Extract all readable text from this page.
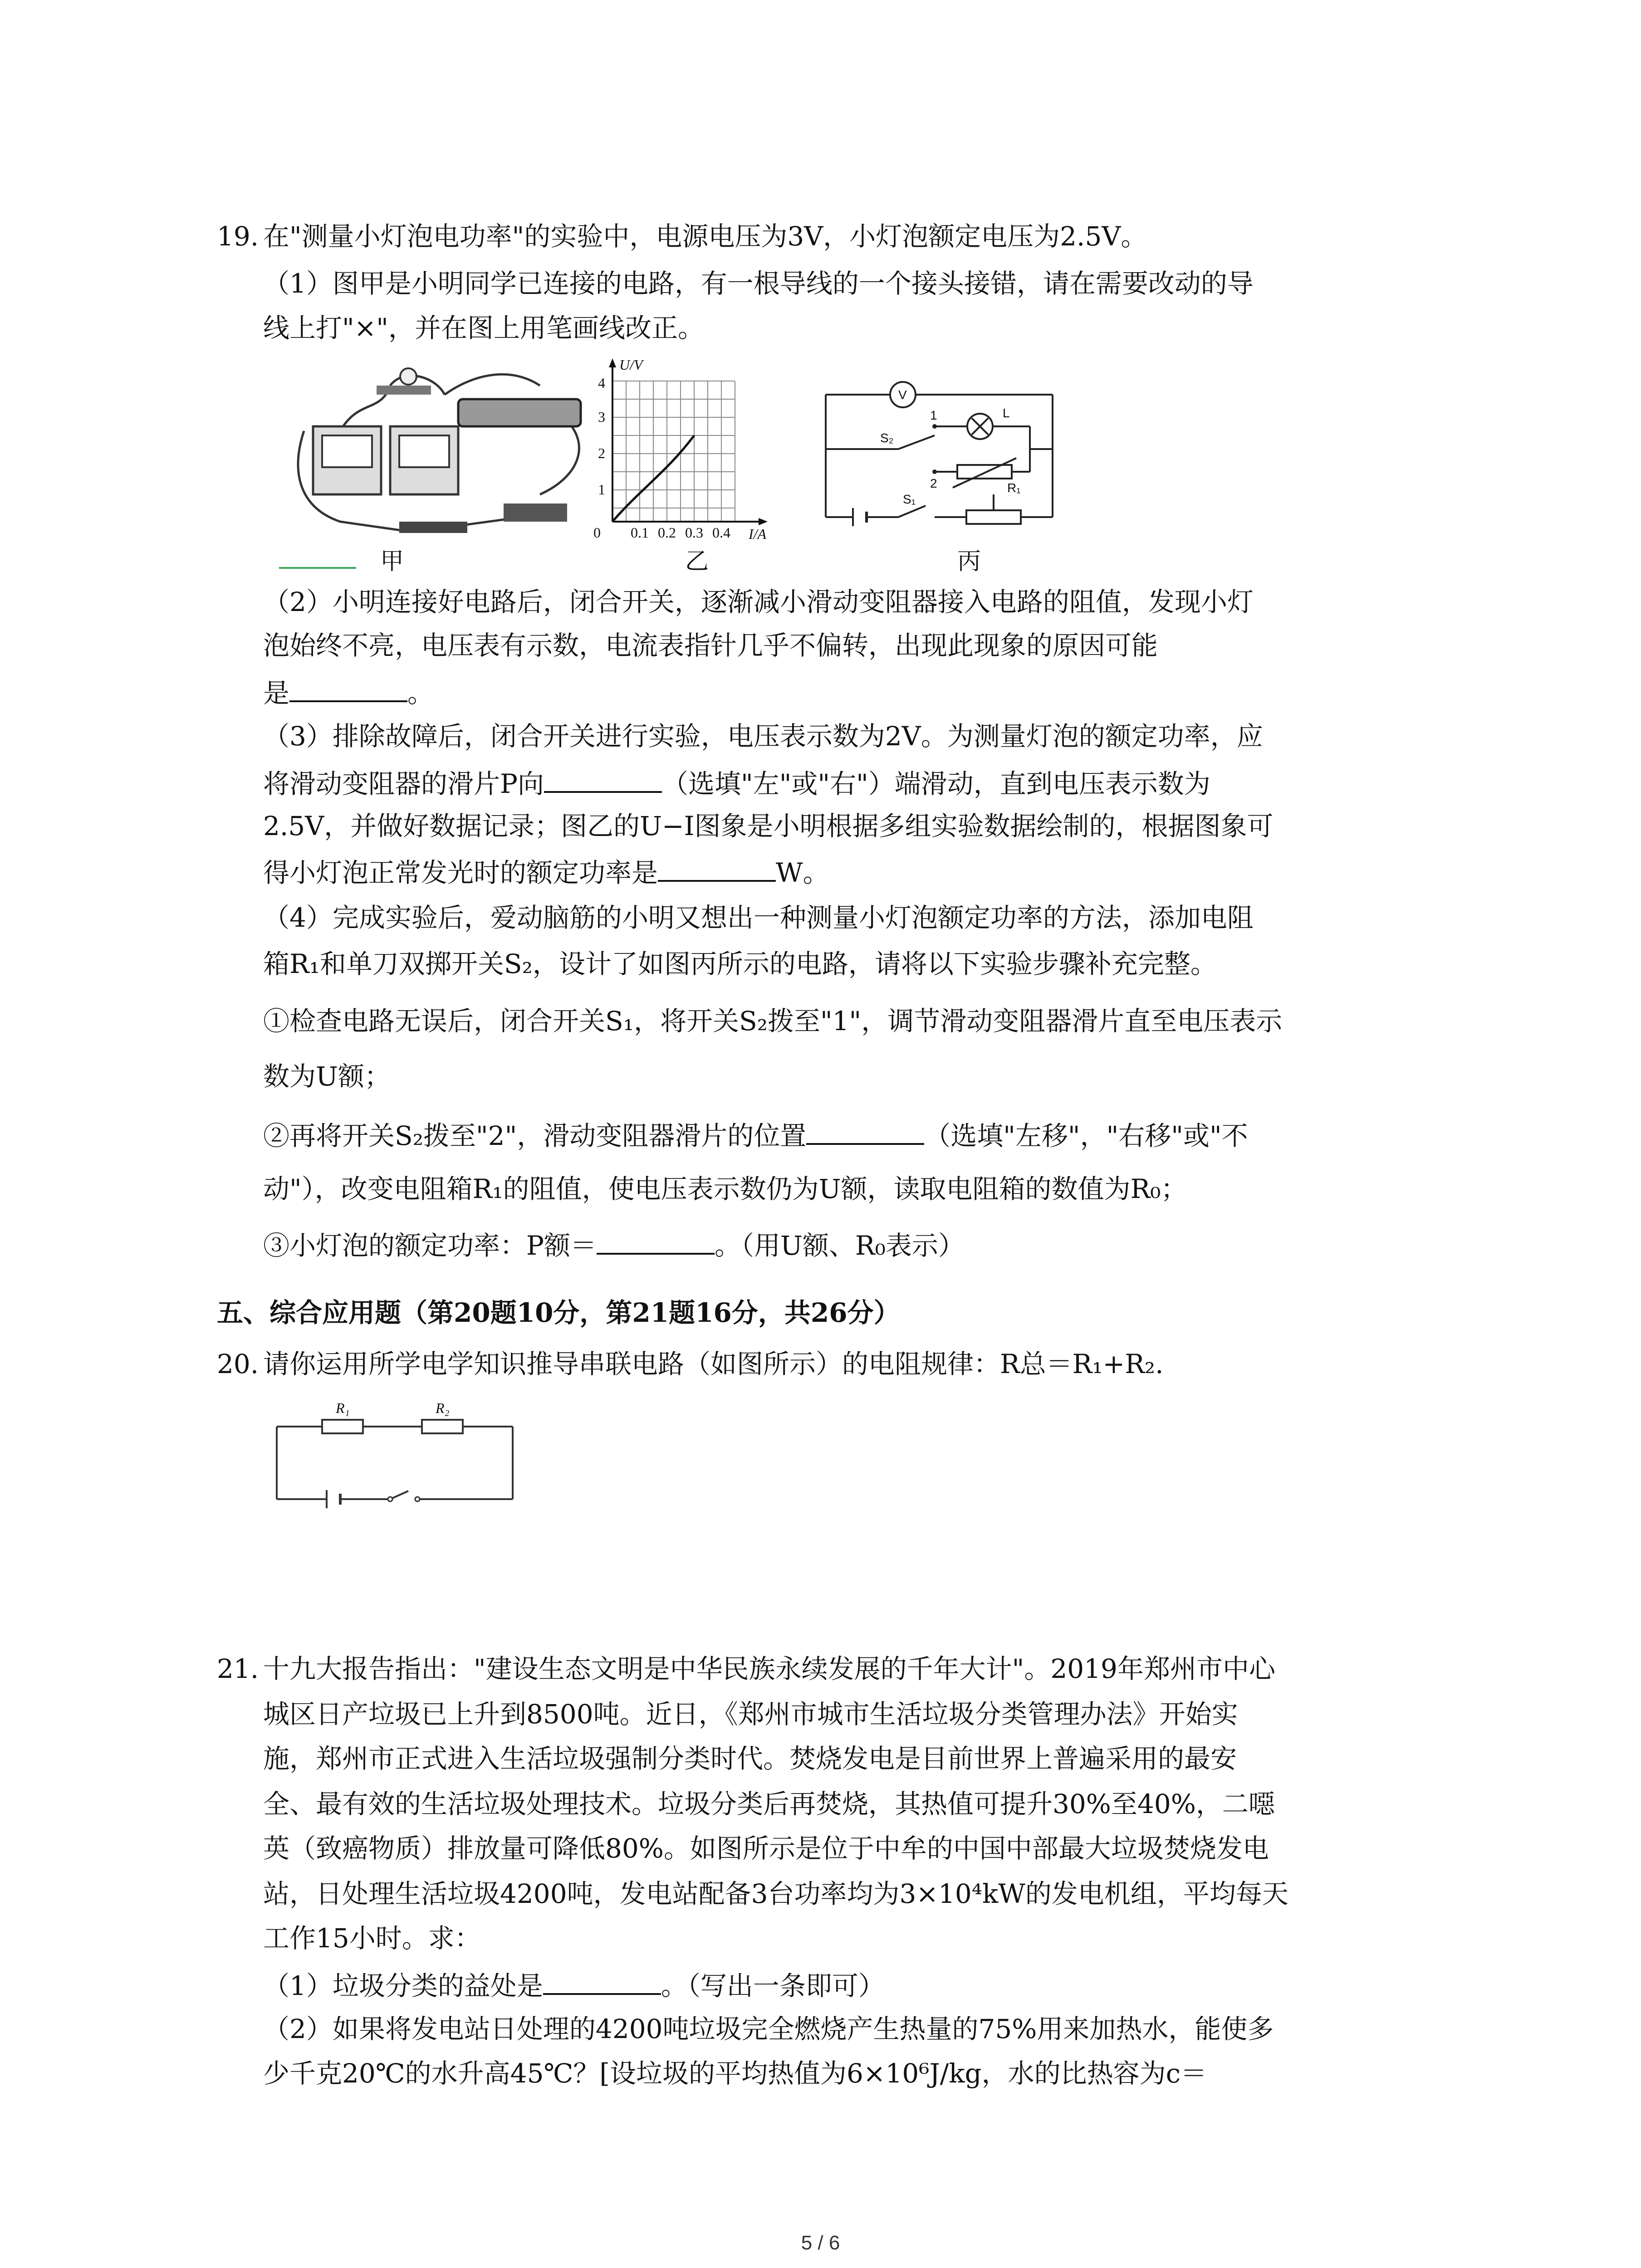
19. 在"测量小灯泡电功率"的实验中，电源电压为3V，小灯泡额定电压为2.5V。
（1）图甲是小明同学已连接的电路，有一根导线的一个接头接错，请在需要改动的导
线上打"×"，并在图上用笔画线改正。
甲
U/V
I/A
0
1
2
3
4
0.1 0.2 0.3 0.4
乙
V
L
R₁
S₂
S₁
1
2
丙
（2）小明连接好电路后，闭合开关，逐渐减小滑动变阻器接入电路的阻值，发现小灯
泡始终不亮，电压表有示数，电流表指针几乎不偏转，出现此现象的原因可能
是	。
（3）排除故障后，闭合开关进行实验，电压表示数为2V。为测量灯泡的额定功率，应
将滑动变阻器的滑片P向	（选填"左"或"右"）端滑动，直到电压表示数为
2.5V，并做好数据记录；图乙的U−I图象是小明根据多组实验数据绘制的，根据图象可
得小灯泡正常发光时的额定功率是	W。
（4）完成实验后，爱动脑筋的小明又想出一种测量小灯泡额定功率的方法，添加电阻
箱R₁和单刀双掷开关S₂，设计了如图丙所示的电路，请将以下实验步骤补充完整。
①检查电路无误后，闭合开关S₁，将开关S₂拨至"1"，调节滑动变阻器滑片直至电压表示
数为U额；
②再将开关S₂拨至"2"，滑动变阻器滑片的位置	（选填"左移"，"右移"或"不
动"），改变电阻箱R₁的阻值，使电压表示数仍为U额，读取电阻箱的数值为R₀；
③小灯泡的额定功率：P额＝	。（用U额、R₀表示）
五、综合应用题（第20题10分，第21题16分，共26分）
20. 请你运用所学电学知识推导串联电路（如图所示）的电阻规律：R总＝R₁+R₂.
R₁	R₂
21. 十九大报告指出："建设生态文明是中华民族永续发展的千年大计"。2019年郑州市中心
城区日产垃圾已上升到8500吨。近日，《郑州市城市生活垃圾分类管理办法》开始实
施，郑州市正式进入生活垃圾强制分类时代。焚烧发电是目前世界上普遍采用的最安
全、最有效的生活垃圾处理技术。垃圾分类后再焚烧，其热值可提升30%至40%，二噁
英（致癌物质）排放量可降低80%。如图所示是位于中牟的中国中部最大垃圾焚烧发电
站，日处理生活垃圾4200吨，发电站配备3台功率均为3×10⁴kW的发电机组，平均每天
工作15小时。求：
（1）垃圾分类的益处是	。（写出一条即可）
（2）如果将发电站日处理的4200吨垃圾完全燃烧产生热量的75%用来加热水，能使多
少千克20℃的水升高45℃？[设垃圾的平均热值为6×10⁶J/kg，水的比热容为c＝
5 / 6
